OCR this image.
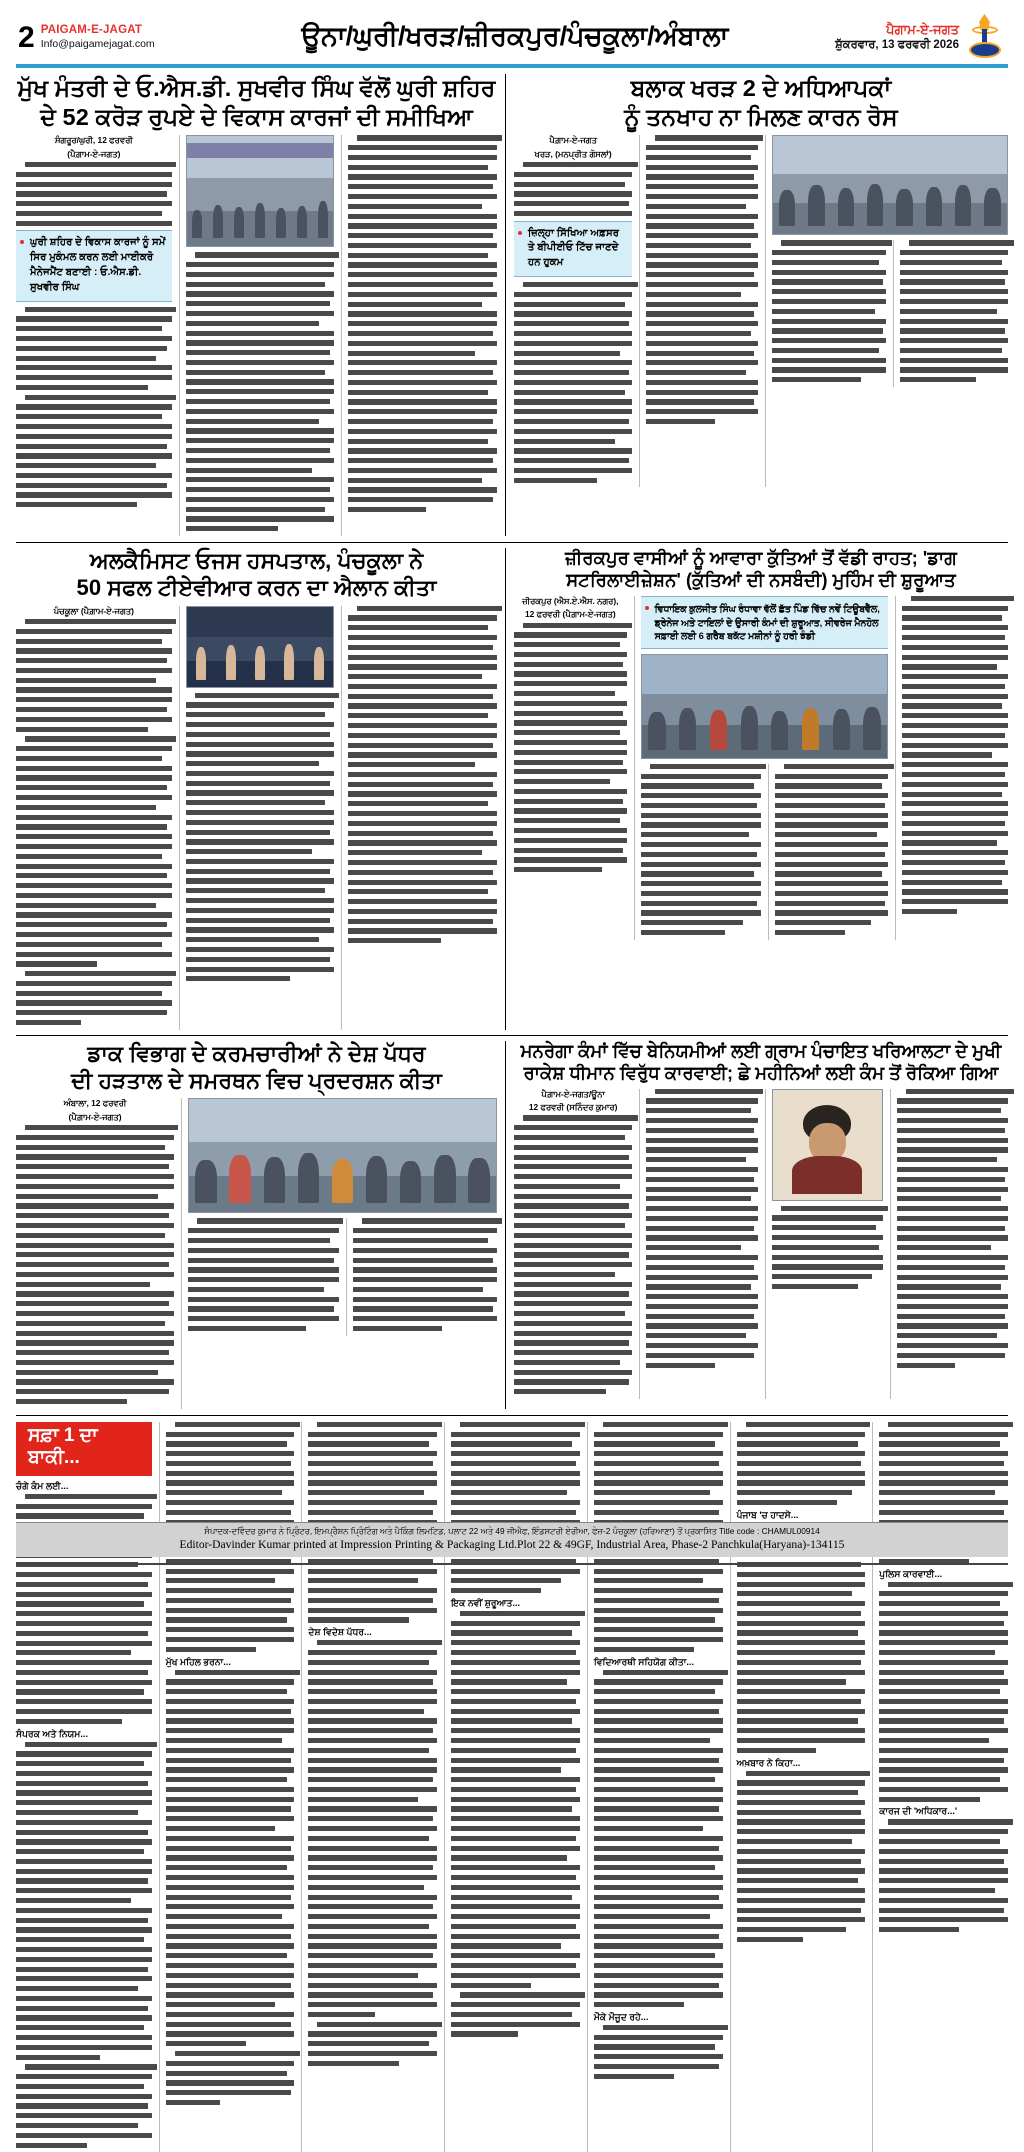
2 PAIGAM-E-JAGAT
Info@paigamejagat.com	ਊਨਾ/ਘੁਰੀ/ਖਰੜ/ਜ਼ੀਰਕਪੁਰ/ਪੰਚਕੂਲਾ/ਅੰਬਾਲਾ	ਪੈਗਾਮ-ਏ-ਜਗਤ
ਸ਼ੁੱਕਰਵਾਰ, 13 ਫਰਵਰੀ 2026
ਮੁੱਖ ਮੰਤਰੀ ਦੇ ਓ.ਐਸ.ਡੀ. ਸੁਖਵੀਰ ਸਿੰਘ ਵੱਲੋਂ ਘੁਰੀ ਸ਼ਹਿਰ
ਦੇ 52 ਕਰੋੜ ਰੁਪਏ ਦੇ ਵਿਕਾਸ ਕਾਰਜਾਂ ਦੀ ਸਮੀਖਿਆ
ਸੰਗਰੂਰ/ਘੁਰੀ, 12 ਫਰਵਰੀ
(ਪੈਗ਼ਾਮ-ਏ-ਜਗਤ)
ਘੁਰੀ ਸ਼ਹਿਰ ਦੇ ਵਿਕਾਸ ਕਾਰਜਾਂ ਨੂੰ ਸਮੇਂ ਸਿਰ ਮੁਕੰਮਲ ਕਰਨ ਲਈ ਮਾਈਕਰੋ ਮੈਨੇਜਮੈਂਟ ਬਣਾਈ : ਓ.ਐਸ.ਡੀ. ਸੁਖਵੀਰ ਸਿੰਘ
ਬਲਾਕ ਖਰੜ 2 ਦੇ ਅਧਿਆਪਕਾਂ
ਨੂੰ ਤਨਖਾਹ ਨਾ ਮਿਲਣ ਕਾਰਨ ਰੋਸ
ਪੈਗ਼ਾਮ-ਏ-ਜਗਤ
ਖਰੜ, (ਮਨਪ੍ਰੀਤ ਗੋਸਲਾਂ)
ਜ਼ਿਲ੍ਹਾ ਸਿੱਖਿਆ ਅਫ਼ਸਰ ਤੇ ਬੀਪੀਈਓ ਟਿੱਚ ਜਾਣਦੇ ਹਨ ਹੁਕਮ
ਅਲਕੈਮਿਸਟ ਓਜਸ ਹਸਪਤਾਲ, ਪੰਚਕੂਲਾ ਨੇ
50 ਸਫਲ ਟੀਏਵੀਆਰ ਕਰਨ ਦਾ ਐਲਾਨ ਕੀਤਾ
ਪੰਚਕੂਲਾ (ਪੈਗ਼ਾਮ-ਏ-ਜਗਤ)
ਜ਼ੀਰਕਪੁਰ ਵਾਸੀਆਂ ਨੂੰ ਆਵਾਰਾ ਕੁੱਤਿਆਂ ਤੋਂ ਵੱਡੀ ਰਾਹਤ; 'ਡਾਗ
ਸਟਰਿਲਾਈਜ਼ੇਸ਼ਨ' (ਕੁੱਤਿਆਂ ਦੀ ਨਸਬੰਦੀ) ਮੁਹਿੰਮ ਦੀ ਸ਼ੁਰੂਆਤ
ਜ਼ੀਰਕਪੁਰ (ਐਸ.ਏ.ਐਸ. ਨਗਰ),
12 ਫਰਵਰੀ (ਪੈਗ਼ਾਮ-ਏ-ਜਗਤ)
ਵਿਧਾਇਕ ਕੁਲਜੀਤ ਸਿੰਘ ਰੰਧਾਵਾ ਵੱਲੋਂ ਛੱਤ ਪਿੰਡ ਵਿੱਚ ਨਵੇਂ ਟਿਊਬਵੈੱਲ, ਡ੍ਰੇਨੇਜ ਅਤੇ ਟਾਇਲਾਂ ਦੇ ਉਸਾਰੀ ਕੰਮਾਂ ਦੀ ਸ਼ੁਰੂਆਤ, ਸੀਵਰੇਜ ਮੈਨਹੋਲ ਸਫ਼ਾਈ ਲਈ 6 ਗਰੈਬ ਬਕੱਟ ਮਸ਼ੀਨਾਂ ਨੂੰ ਹਰੀ ਝੰਡੀ
ਡਾਕ ਵਿਭਾਗ ਦੇ ਕਰਮਚਾਰੀਆਂ ਨੇ ਦੇਸ਼ ਪੱਧਰ
ਦੀ ਹੜਤਾਲ ਦੇ ਸਮਰਥਨ ਵਿਚ ਪ੍ਰਦਰਸ਼ਨ ਕੀਤਾ
ਅੰਬਾਲਾ, 12 ਫਰਵਰੀ
(ਪੈਗ਼ਾਮ-ਏ-ਜਗਤ)
ਮਨਰੇਗਾ ਕੰਮਾਂ ਵਿੱਚ ਬੇਨਿਯਮੀਆਂ ਲਈ ਗ੍ਰਾਮ ਪੰਚਾਇਤ ਖਰਿਆਲਟਾ ਦੇ ਮੁਖੀ
ਰਾਕੇਸ਼ ਧੀਮਾਨ ਵਿਰੁੱਧ ਕਾਰਵਾਈ; ਛੇ ਮਹੀਨਿਆਂ ਲਈ ਕੰਮ ਤੋਂ ਰੋਕਿਆ ਗਿਆ
ਪੈਗ਼ਾਮ-ਏ-ਜਗਤ/ਊਨਾ
12 ਫਰਵਰੀ (ਸਨਿੰਦਰ ਕੁਮਾਰ)
ਸਫ਼ਾ 1 ਦਾ ਬਾਕੀ...
ਚੰਗੇ ਕੰਮ ਲਈ...
ਸੰਪਰਕ ਅਤੇ ਨਿਯਮ...
ਮੁੱਖ ਮਹਿਲ ਭਰਨਾ...
ਦੇਸ਼ ਵਿਦੇਸ਼ ਪੱਧਰ...
ਇਕ ਨਵੀਂ ਸ਼ੁਰੂਆਤ...
ਵਿਦਿਆਰਥੀ ਸਹਿਯੋਗ ਕੀਤਾ...
ਮੌਕੇ ਮੌਜੂਦ ਰਹੇ...
ਪੰਜਾਬ 'ਚ ਹਾਦਸੇ...
ਅਖ਼ਬਾਰ ਨੇ ਕਿਹਾ...
ਪੁਲਿਸ ਕਾਰਵਾਈ...
ਕਾਰਜ ਦੀ 'ਅਧਿਕਾਰ...'
ਸੰਪਾਦਕ-ਦਵਿੰਦਰ ਕੁਮਾਰ ਨੇ ਪ੍ਰਿੰਟਰ, ਇਮਪ੍ਰੈਸ਼ਨ ਪ੍ਰਿੰਟਿੰਗ ਅਤੇ ਪੈਕਿੰਗ ਲਿਮਟਿਡ, ਪਲਾਟ 22 ਅਤੇ 49 ਜੀਐਫ, ਇੰਡਸਟਰੀ ਏਰੀਆ, ਫੇਜ਼-2 ਪੰਚਕੂਲਾ (ਹਰਿਆਣਾ) ਤੋਂ ਪ੍ਰਕਾਸ਼ਿਤ Title code : CHAMUL00914
Editor-Davinder Kumar printed at Impression Printing & Packaging Ltd.Plot 22 & 49GF, Industrial Area, Phase-2 Panchkula(Haryana)-134115
